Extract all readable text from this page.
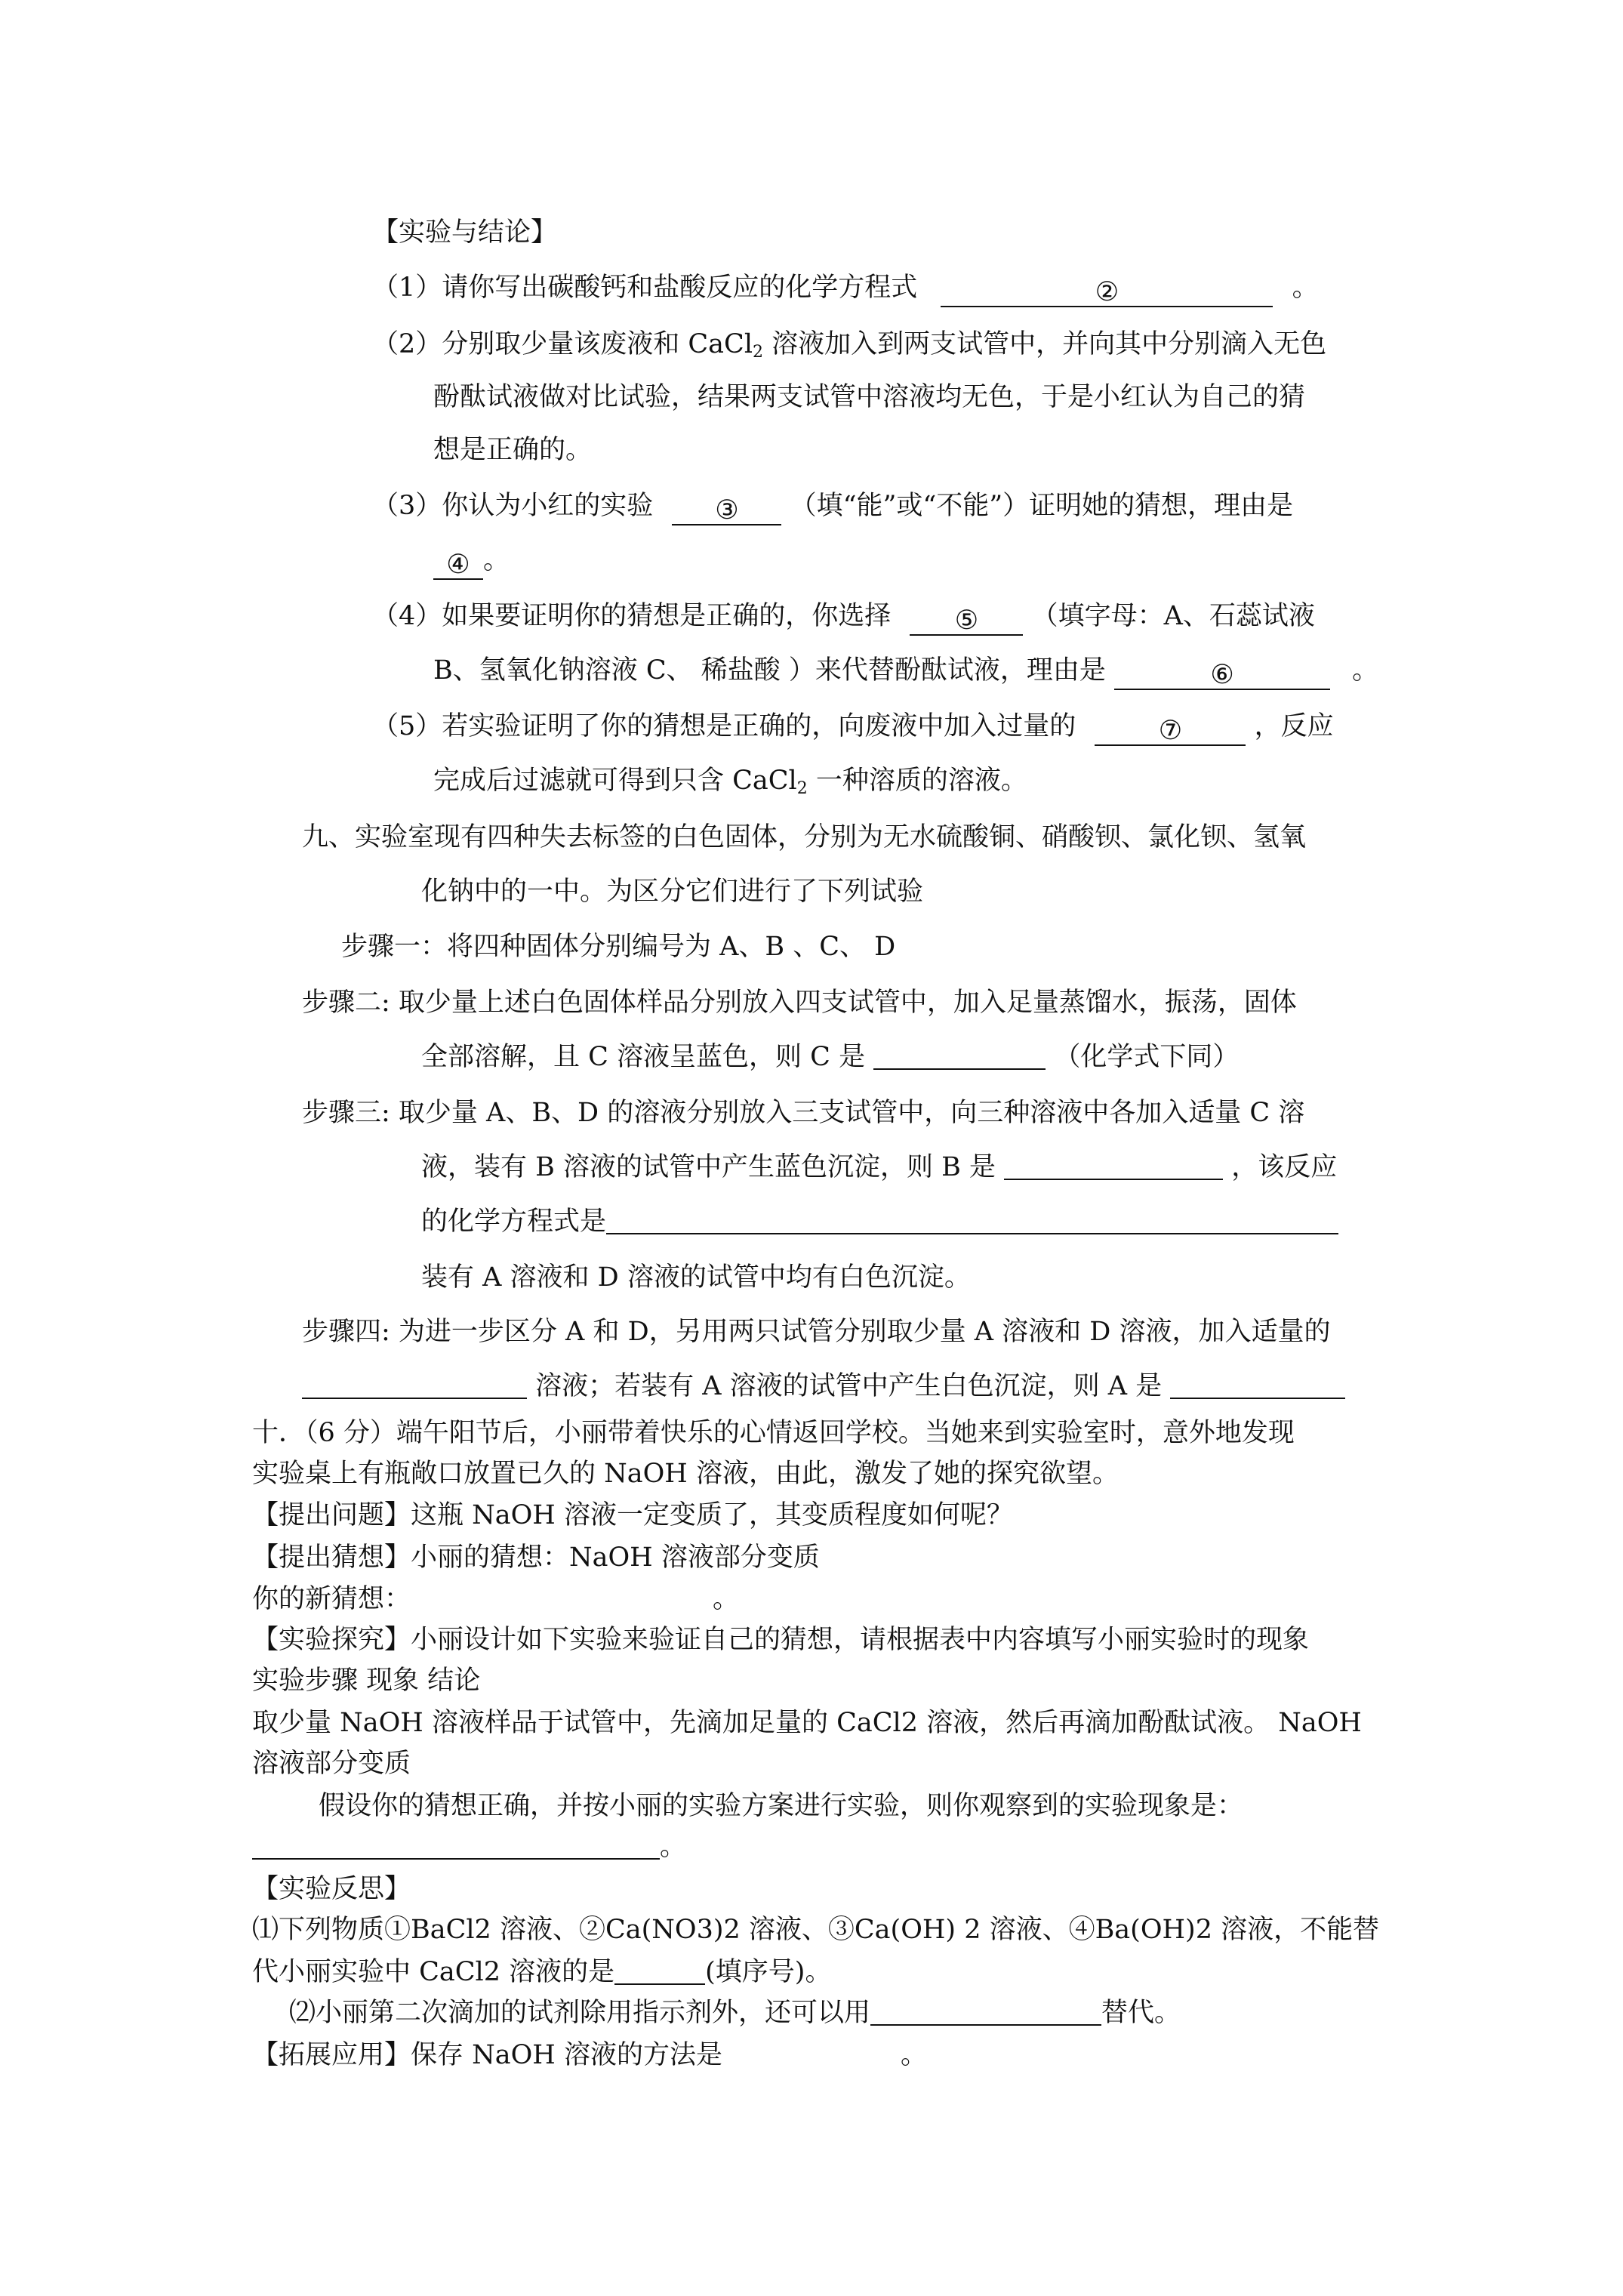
【实验与结论】
（1）请你写出碳酸钙和盐酸反应的化学方程式	②	。
（2）分别取少量该废液和 CaCl$_2$ 溶液加入到两支试管中，并向其中分别滴入无色
酚酞试液做对比试验，结果两支试管中溶液均无色，于是小红认为自己的猜
想是正确的。
（3）你认为小红的实验 ③ （填“能”或“不能”）证明她的猜想，理由是
④ 。
（4）如果要证明你的猜想是正确的，你选择 ⑤ （填字母：A、石蕊试液
B、氢氧化钠溶液 C、 稀盐酸 ）来代替酚酞试液，理由是	⑥	。
（5）若实验证明了你的猜想是正确的，向废液中加入过量的	⑦	，反应
完成后过滤就可得到只含 CaCl$_2$ 一种溶质的溶液。
九、实验室现有四种失去标签的白色固体，分别为无水硫酸铜、硝酸钡、氯化钡、氢氧
化钠中的一中。为区分它们进行了下列试验
步骤一：将四种固体分别编号为 A、B 、C、 D
步骤二: 取少量上述白色固体样品分别放入四支试管中，加入足量蒸馏水，振荡，固体
全部溶解，且 C 溶液呈蓝色，则 C 是	（化学式下同）
步骤三: 取少量 A、B、D 的溶液分别放入三支试管中，向三种溶液中各加入适量 C 溶
液，装有 B 溶液的试管中产生蓝色沉淀，则 B 是	，该反应
的化学方程式是
装有 A 溶液和 D 溶液的试管中均有白色沉淀。
步骤四: 为进一步区分 A 和 D，另用两只试管分别取少量 A 溶液和 D 溶液，加入适量的
溶液；若装有 A 溶液的试管中产生白色沉淀，则 A 是
十．（6 分）端午阳节后，小丽带着快乐的心情返回学校。当她来到实验室时，意外地发现
实验桌上有瓶敞口放置已久的 NaOH 溶液，由此，激发了她的探究欲望。
【提出问题】这瓶 NaOH 溶液一定变质了，其变质程度如何呢？
【提出猜想】小丽的猜想：NaOH 溶液部分变质
你的新猜想：	。
【实验探究】小丽设计如下实验来验证自己的猜想，请根据表中内容填写小丽实验时的现象
实验步骤 现象 结论
取少量 NaOH 溶液样品于试管中，先滴加足量的 CaCl2 溶液，然后再滴加酚酞试液。 NaOH
溶液部分变质
假设你的猜想正确，并按小丽的实验方案进行实验，则你观察到的实验现象是：
。
【实验反思】
⑴下列物质①BaCl2 溶液、②Ca(NO3)2 溶液、③Ca(OH) 2 溶液、④Ba(OH)2 溶液，不能替
代小丽实验中 CaCl2 溶液的是	(填序号)。
⑵小丽第二次滴加的试剂除用指示剂外，还可以用	替代。
【拓展应用】保存 NaOH 溶液的方法是	。
